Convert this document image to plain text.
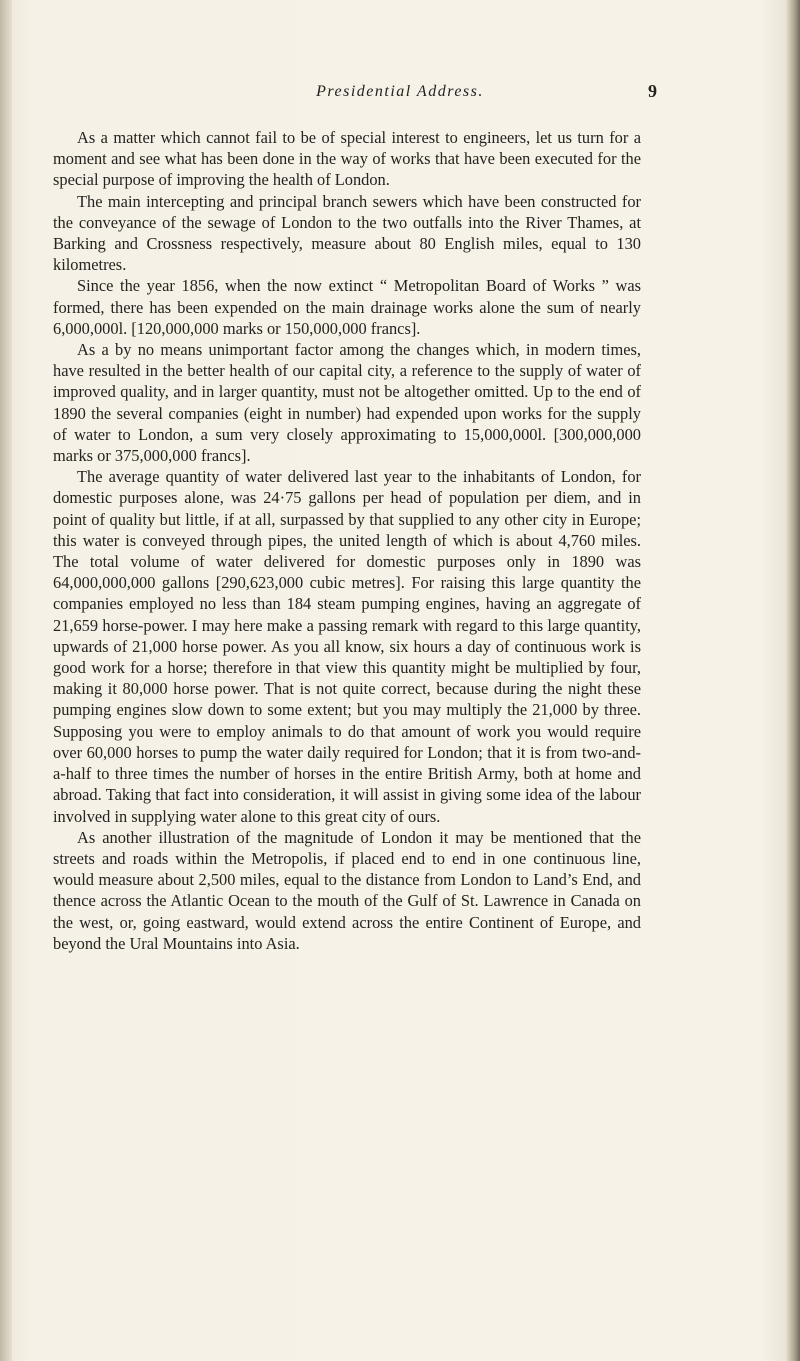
Presidential Address.	9

As a matter which cannot fail to be of special interest to engineers, let us turn for a moment and see what has been done in the way of works that have been executed for the special purpose of improving the health of London.

The main intercepting and principal branch sewers which have been constructed for the conveyance of the sewage of London to the two outfalls into the River Thames, at Barking and Crossness respectively, measure about 80 English miles, equal to 130 kilometres.

Since the year 1856, when the now extinct “ Metropolitan Board of Works ” was formed, there has been expended on the main drainage works alone the sum of nearly 6,000,000l. [120,000,000 marks or 150,000,000 francs].

As a by no means unimportant factor among the changes which, in modern times, have resulted in the better health of our capital city, a reference to the supply of water of improved quality, and in larger quantity, must not be altogether omitted. Up to the end of 1890 the several companies (eight in number) had expended upon works for the supply of water to London, a sum very closely approximating to 15,000,000l. [300,000,000 marks or 375,000,000 francs].

The average quantity of water delivered last year to the inhabitants of London, for domestic purposes alone, was 24·75 gallons per head of population per diem, and in point of quality but little, if at all, surpassed by that supplied to any other city in Europe; this water is conveyed through pipes, the united length of which is about 4,760 miles. The total volume of water delivered for domestic purposes only in 1890 was 64,000,000,000 gallons [290,623,000 cubic metres]. For raising this large quantity the companies employed no less than 184 steam pumping engines, having an aggregate of 21,659 horse-power. I may here make a passing remark with regard to this large quantity, upwards of 21,000 horse power. As you all know, six hours a day of continuous work is good work for a horse; therefore in that view this quantity might be multiplied by four, making it 80,000 horse power. That is not quite correct, because during the night these pumping engines slow down to some extent; but you may multiply the 21,000 by three. Supposing you were to employ animals to do that amount of work you would require over 60,000 horses to pump the water daily required for London; that it is from two-and-a-half to three times the number of horses in the entire British Army, both at home and abroad. Taking that fact into consideration, it will assist in giving some idea of the labour involved in supplying water alone to this great city of ours.

As another illustration of the magnitude of London it may be mentioned that the streets and roads within the Metropolis, if placed end to end in one continuous line, would measure about 2,500 miles, equal to the distance from London to Land’s End, and thence across the Atlantic Ocean to the mouth of the Gulf of St. Lawrence in Canada on the west, or, going eastward, would extend across the entire Continent of Europe, and beyond the Ural Mountains into Asia.
